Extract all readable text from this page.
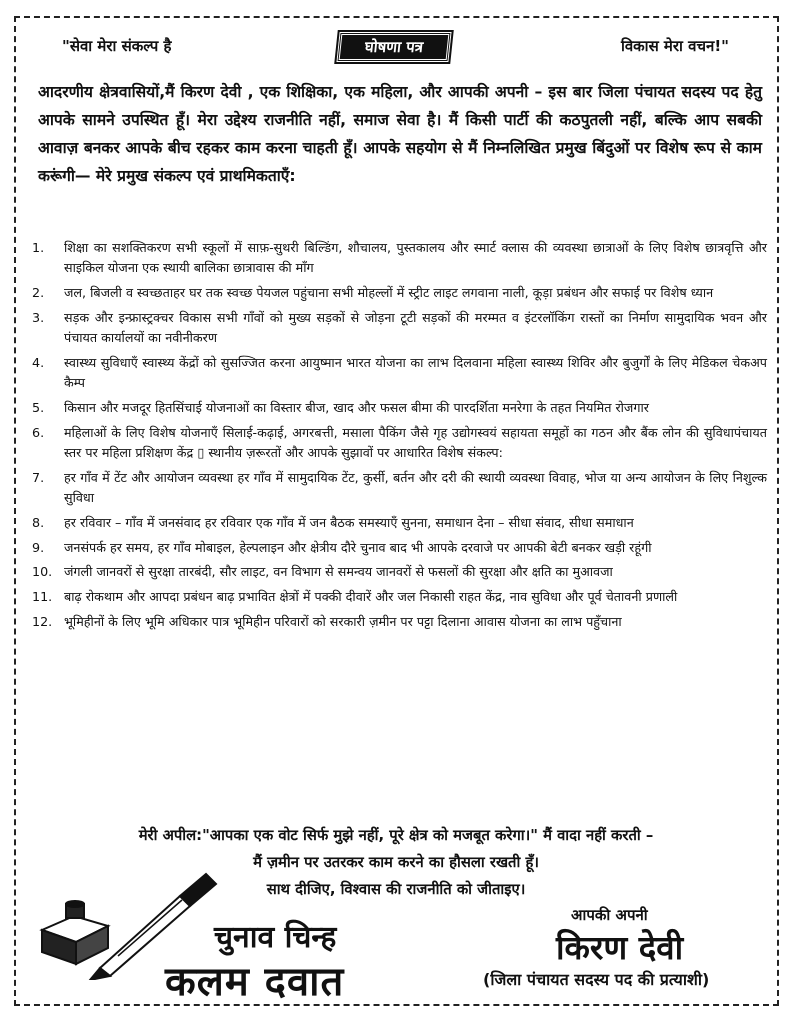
"सेवा मेरा संकल्प है	घोषणा पत्र	विकास मेरा वचन!"
आदरणीय क्षेत्रवासियों,मैं किरण देवी , एक शिक्षिका, एक महिला, और आपकी अपनी – इस बार जिला पंचायत सदस्य पद हेतु आपके सामने उपस्थित हूँ। मेरा उद्देश्य राजनीति नहीं, समाज सेवा है। मैं किसी पार्टी की कठपुतली नहीं, बल्कि आप सबकी आवाज़ बनकर आपके बीच रहकर काम करना चाहती हूँ। आपके सहयोग से मैं निम्नलिखित प्रमुख बिंदुओं पर विशेष रूप से काम करूंगी— मेरे प्रमुख संकल्प एवं प्राथमिकताएँ:
1.	शिक्षा का सशक्तिकरण सभी स्कूलों में साफ़-सुथरी बिल्डिंग, शौचालय, पुस्तकालय और स्मार्ट क्लास की व्यवस्था छात्राओं के लिए विशेष छात्रवृत्ति और साइकिल योजना एक स्थायी बालिका छात्रावास की माँग
2.	जल, बिजली व स्वच्छताहर घर तक स्वच्छ पेयजल पहुंचाना सभी मोहल्लों में स्ट्रीट लाइट लगवाना नाली, कूड़ा प्रबंधन और सफाई पर विशेष ध्यान
3.	सड़क और इन्फ्रास्ट्रक्चर विकास सभी गाँवों को मुख्य सड़कों से जोड़ना टूटी सड़कों की मरम्मत व इंटरलॉकिंग रास्तों का निर्माण सामुदायिक भवन और पंचायत कार्यालयों का नवीनीकरण
4.	स्वास्थ्य सुविधाएँ स्वास्थ्य केंद्रों को सुसज्जित करना आयुष्मान भारत योजना का लाभ दिलवाना महिला स्वास्थ्य शिविर और बुजुर्गों के लिए मेडिकल चेकअप कैम्प
5.	किसान और मजदूर हितसिंचाई योजनाओं का विस्तार बीज, खाद और फसल बीमा की पारदर्शिता मनरेगा के तहत नियमित रोजगार
6.	महिलाओं के लिए विशेष योजनाएँ सिलाई-कढ़ाई, अगरबत्ती, मसाला पैकिंग जैसे गृह उद्योगस्वयं सहायता समूहों का गठन और बैंक लोन की सुविधापंचायत स्तर पर महिला प्रशिक्षण केंद्र ▯ स्थानीय ज़रूरतों और आपके सुझावों पर आधारित विशेष संकल्प:
7.	हर गाँव में टेंट और आयोजन व्यवस्था हर गाँव में सामुदायिक टेंट, कुर्सी, बर्तन और दरी की स्थायी व्यवस्था विवाह, भोज या अन्य आयोजन के लिए निशुल्क सुविधा
8.	हर रविवार – गाँव में जनसंवाद हर रविवार एक गाँव में जन बैठक समस्याएँ सुनना, समाधान देना – सीधा संवाद, सीधा समाधान
9.	जनसंपर्क हर समय, हर गाँव मोबाइल, हेल्पलाइन और क्षेत्रीय दौरे चुनाव बाद भी आपके दरवाजे पर आपकी बेटी बनकर खड़ी रहूंगी
10. जंगली जानवरों से सुरक्षा तारबंदी, सौर लाइट, वन विभाग से समन्वय जानवरों से फसलों की सुरक्षा और क्षति का मुआवजा
11. बाढ़ रोकथाम और आपदा प्रबंधन बाढ़ प्रभावित क्षेत्रों में पक्की दीवारें और जल निकासी राहत केंद्र, नाव सुविधा और पूर्व चेतावनी प्रणाली
12. भूमिहीनों के लिए भूमि अधिकार पात्र भूमिहीन परिवारों को सरकारी ज़मीन पर पट्टा दिलाना आवास योजना का लाभ पहुँचाना
मेरी अपील:"आपका एक वोट सिर्फ मुझे नहीं, पूरे क्षेत्र को मजबूत करेगा।" मैं वादा नहीं करती –
मैं ज़मीन पर उतरकर काम करने का हौसला रखती हूँ।
साथ दीजिए, विश्वास की राजनीति को जीताइए।
चुनाव चिन्ह
कलम दवात
आपकी अपनी
किरण देवी
(जिला पंचायत सदस्य पद की प्रत्याशी)
